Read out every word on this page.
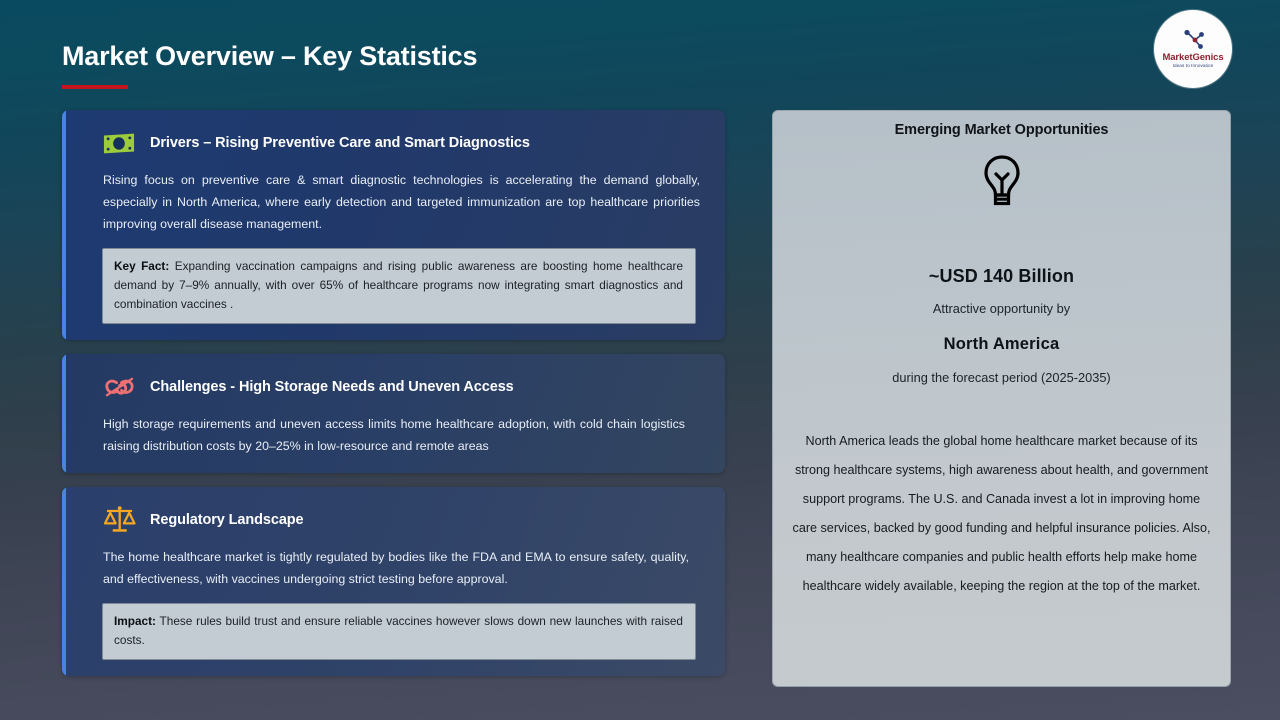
Market Overview – Key Statistics	MarketGenics
Ideas to Innovation
Drivers – Rising Preventive Care and Smart Diagnostics
Rising focus on preventive care & smart diagnostic technologies is accelerating the demand globally, especially in North America, where early detection and targeted immunization are top healthcare priorities improving overall disease management.
Key Fact: Expanding vaccination campaigns and rising public awareness are boosting home healthcare demand by 7–9% annually, with over 65% of healthcare programs now integrating smart diagnostics and combination vaccines .
Challenges - High Storage Needs and Uneven Access
High storage requirements and uneven access limits home healthcare adoption, with cold chain logistics raising distribution costs by 20–25% in low-resource and remote areas
Regulatory Landscape
The home healthcare market is tightly regulated by bodies like the FDA and EMA to ensure safety, quality, and effectiveness, with vaccines undergoing strict testing before approval.
Impact: These rules build trust and ensure reliable vaccines however slows down new launches with raised costs.
Emerging Market Opportunities
~USD 140 Billion
Attractive opportunity by
North America
during the forecast period (2025-2035)
North America leads the global home healthcare market because of its strong healthcare systems, high awareness about health, and government support programs. The U.S. and Canada invest a lot in improving home care services, backed by good funding and helpful insurance policies. Also, many healthcare companies and public health efforts help make home healthcare widely available, keeping the region at the top of the market.
